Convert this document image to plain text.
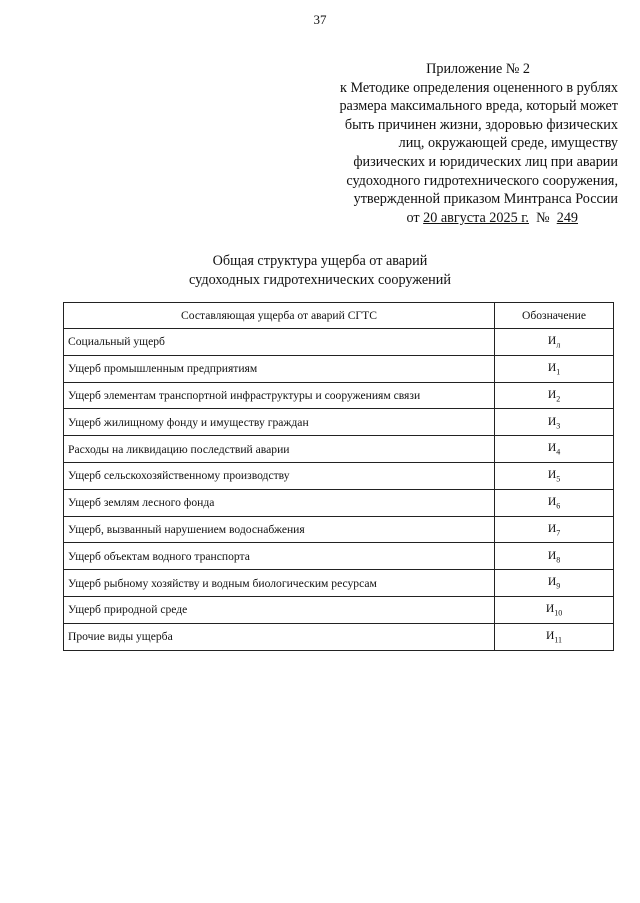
37
Приложение № 2
к Методике определения оцененного в рублях
размера максимального вреда, который может
быть причинен жизни, здоровью физических
лиц, окружающей среде, имуществу
физических и юридических лиц при аварии
судоходного гидротехнического сооружения,
утвержденной приказом Минтранса России
от 20 августа 2025 г. № 249
Общая структура ущерба от аварий
судоходных гидротехнических сооружений
Составляющая ущерба от аварий СГТС	Обозначение
Социальный ущерб	$И_л$
Ущерб промышленным предприятиям	$И_1$
Ущерб элементам транспортной инфраструктуры и сооружениям связи	$И_2$
Ущерб жилищному фонду и имуществу граждан	$И_3$
Расходы на ликвидацию последствий аварии	$И_4$
Ущерб сельскохозяйственному производству	$И_5$
Ущерб землям лесного фонда	$И_6$
Ущерб, вызванный нарушением водоснабжения	$И_7$
Ущерб объектам водного транспорта	$И_8$
Ущерб рыбному хозяйству и водным биологическим ресурсам	$И_9$
Ущерб природной среде	$И_{10}$
Прочие виды ущерба	$И_{11}$
